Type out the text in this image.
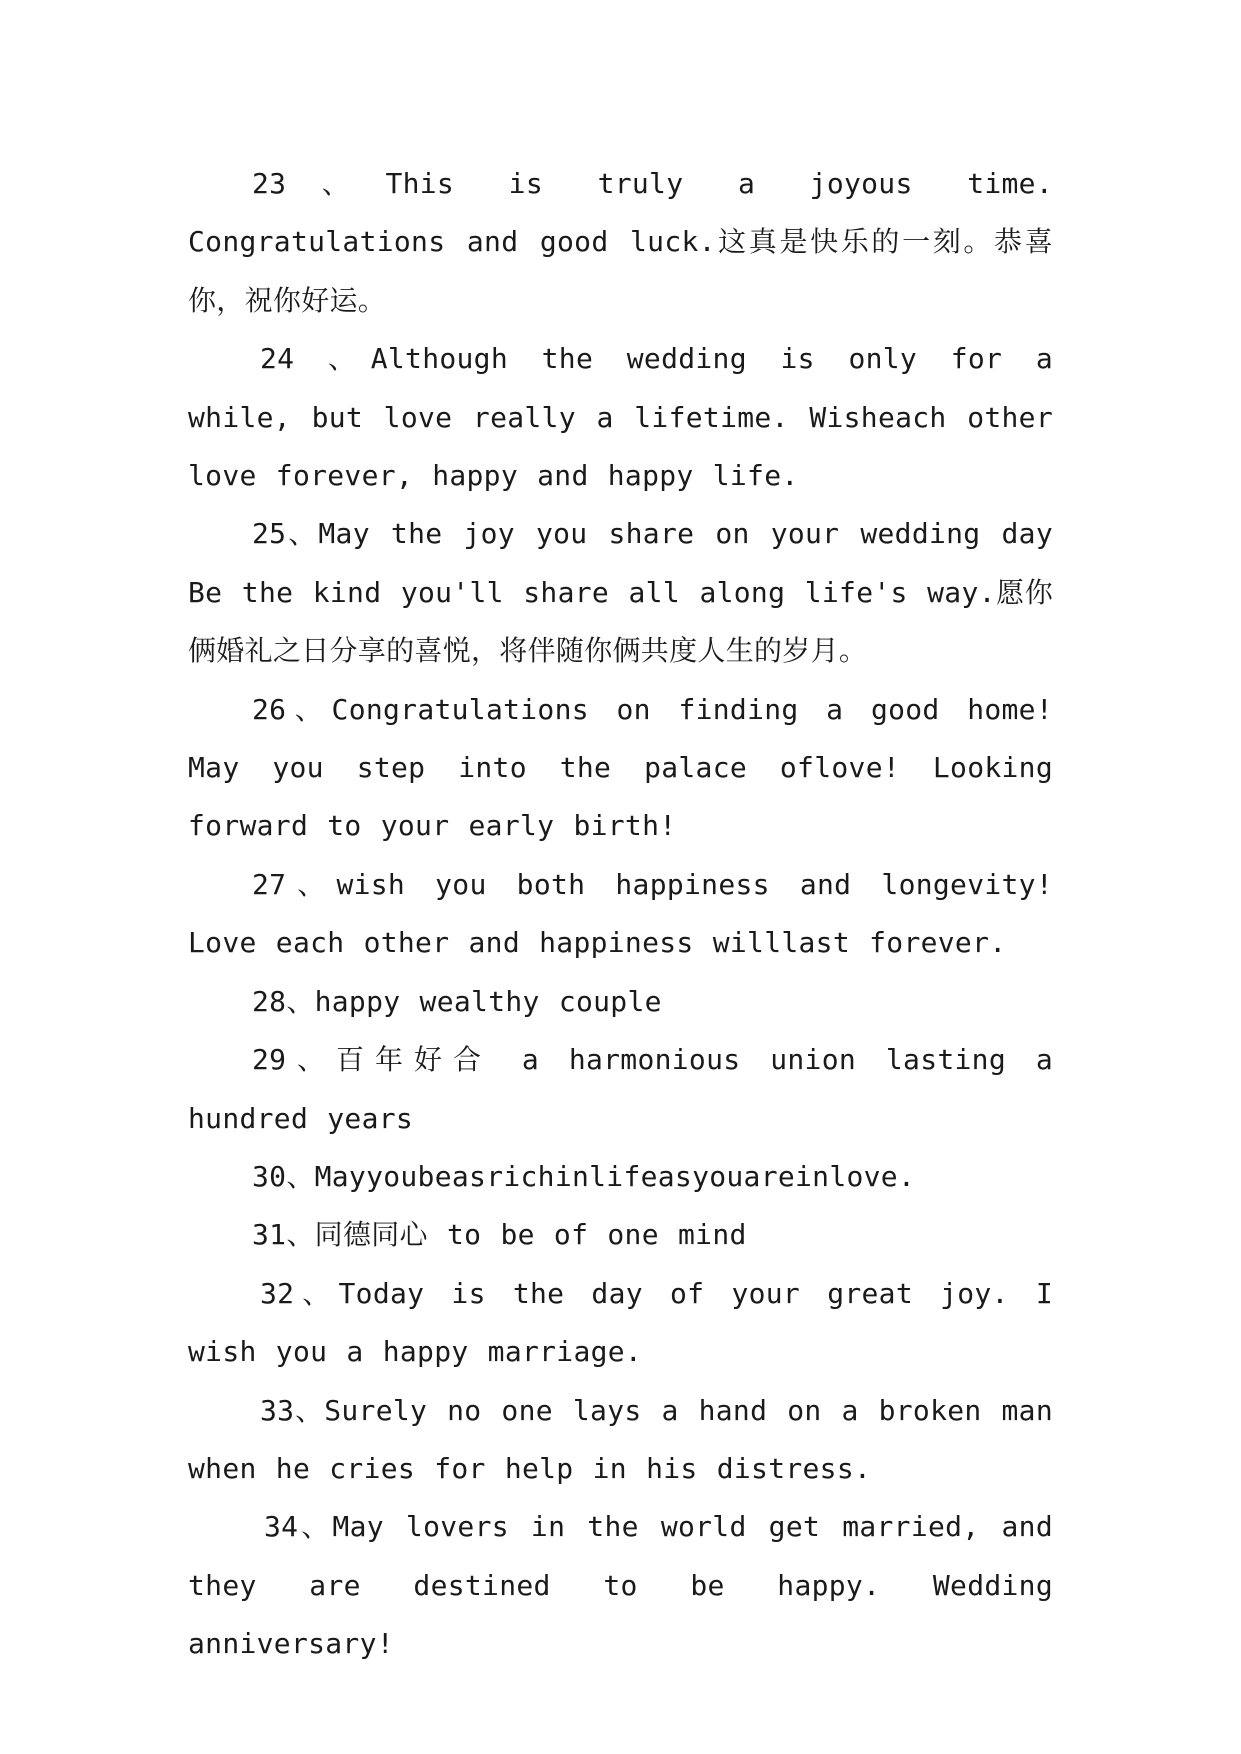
23、This is truly a joyous time. Congratulations and good luck.这真是快乐的一刻。恭喜你，祝你好运。

24 、Although the wedding is only for a while, but love really a lifetime. Wisheach other love forever, happy and happy life.

25、May the joy you share on your wedding day Be the kind you'll share all along life's way.愿你俩婚礼之日分享的喜悦，将伴随你俩共度人生的岁月。

26、Congratulations on finding a good home! May you step into the palace oflove! Looking forward to your early birth!

27、wish you both happiness and longevity! Love each other and happiness willlast forever.

28、happy wealthy couple

29、百年好合 a harmonious union lasting a hundred years

30、Mayyoubeasrichinlifeasyouareinlove.

31、同德同心 to be of one mind

32、Today is the day of your great joy. I wish you a happy marriage.

33、Surely no one lays a hand on a broken man when he cries for help in his distress.

34、May lovers in the world get married, and they are destined to be happy. Wedding anniversary!
